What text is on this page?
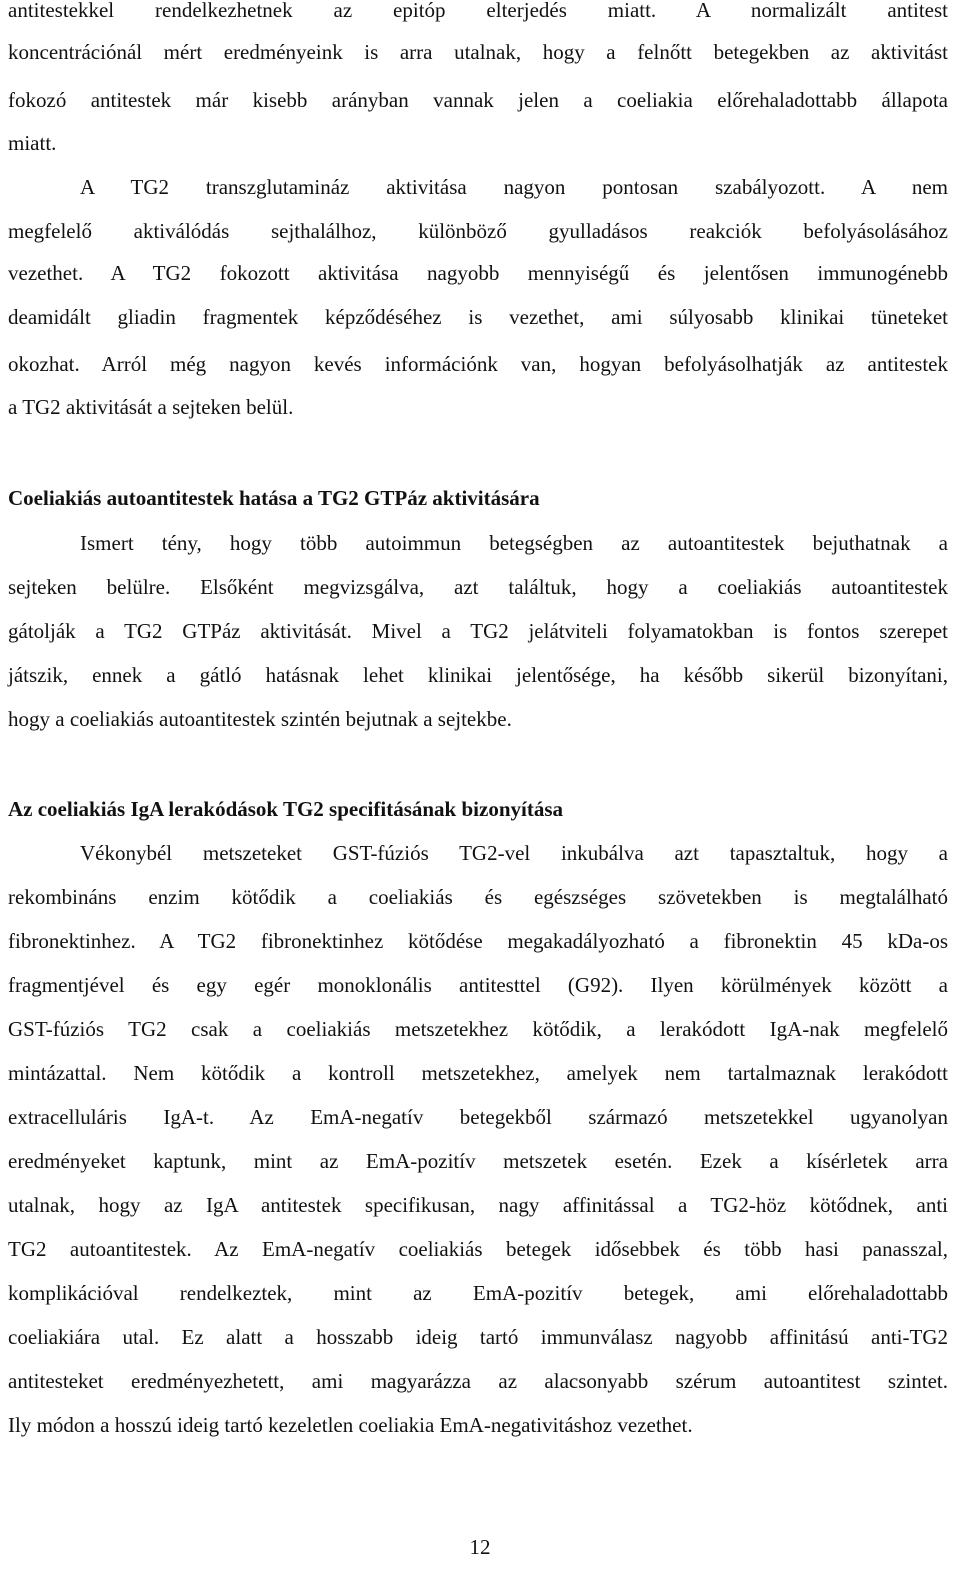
antitestekkel rendelkezhetnek az epitóp elterjedés miatt. A normalizált antitest
koncentrációnál mért eredményeink is arra utalnak, hogy a felnőtt betegekben az aktivitást
fokozó antitestek már kisebb arányban vannak jelen a coeliakia előrehaladottabb állapota
miatt.
A TG2 transzglutamináz aktivitása nagyon pontosan szabályozott. A nem
megfelelő aktiválódás sejthalálhoz, különböző gyulladásos reakciók befolyásolásához
vezethet. A TG2 fokozott aktivitása nagyobb mennyiségű és jelentősen immunogénebb
deamidált gliadin fragmentek képződéséhez is vezethet, ami súlyosabb klinikai tüneteket
okozhat. Arról még nagyon kevés információnk van, hogyan befolyásolhatják az antitestek
a TG2 aktivitását a sejteken belül.
Coeliakiás autoantitestek hatása a TG2 GTPáz aktivitására
Ismert tény, hogy több autoimmun betegségben az autoantitestek bejuthatnak a
sejteken belülre. Elsőként megvizsgálva, azt találtuk, hogy a coeliakiás autoantitestek
gátolják a TG2 GTPáz aktivitását. Mivel a TG2 jelátviteli folyamatokban is fontos szerepet
játszik, ennek a gátló hatásnak lehet klinikai jelentősége, ha később sikerül bizonyítani,
hogy a coeliakiás autoantitestek szintén bejutnak a sejtekbe.
Az coeliakiás IgA lerakódások TG2 specifitásának bizonyítása
Vékonybél metszeteket GST-fúziós TG2-vel inkubálva azt tapasztaltuk, hogy a
rekombináns enzim kötődik a coeliakiás és egészséges szövetekben is megtalálható
fibronektinhez. A TG2 fibronektinhez kötődése megakadályozható a fibronektin 45 kDa-os
fragmentjével és egy egér monoklonális antitesttel (G92). Ilyen körülmények között a
GST-fúziós TG2 csak a coeliakiás metszetekhez kötődik, a lerakódott IgA-nak megfelelő
mintázattal. Nem kötődik a kontroll metszetekhez, amelyek nem tartalmaznak lerakódott
extracelluláris IgA-t. Az EmA-negatív betegekből származó metszetekkel ugyanolyan
eredményeket kaptunk, mint az EmA-pozitív metszetek esetén. Ezek a kísérletek arra
utalnak, hogy az IgA antitestek specifikusan, nagy affinitással a TG2-höz kötődnek, anti
TG2 autoantitestek. Az EmA-negatív coeliakiás betegek idősebbek és több hasi panasszal,
komplikációval rendelkeztek, mint az EmA-pozitív betegek, ami előrehaladottabb
coeliakiára utal. Ez alatt a hosszabb ideig tartó immunválasz nagyobb affinitású anti-TG2
antitesteket eredményezhetett, ami magyarázza az alacsonyabb szérum autoantitest szintet.
Ily módon a hosszú ideig tartó kezeletlen coeliakia EmA-negativitáshoz vezethet.
12
